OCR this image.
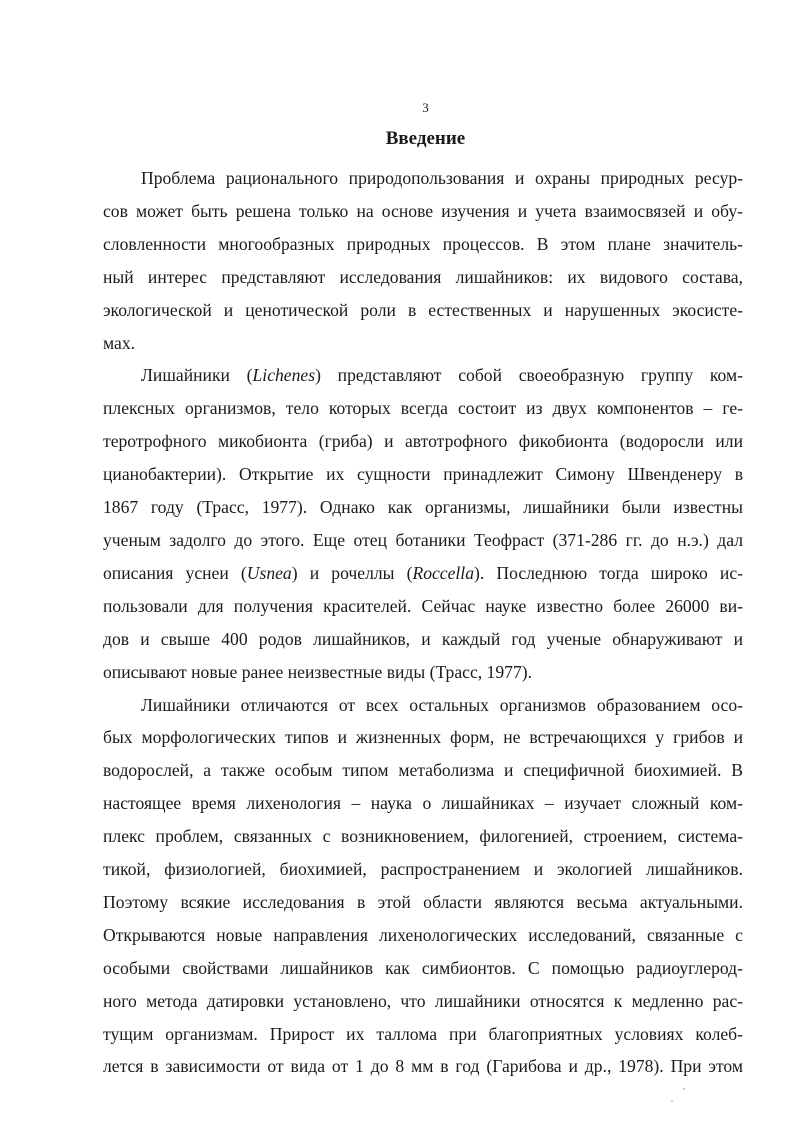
3
Введение

Проблема рационального природопользования и охраны природных ресур-
сов может быть решена только на основе изучения и учета взаимосвязей и обу-
словленности многообразных природных процессов. В этом плане значитель-
ный интерес представляют исследования лишайников: их видового состава,
экологической и ценотической роли в естественных и нарушенных экосисте-
мах.

Лишайники (Lichenes) представляют собой своеобразную группу ком-
плексных организмов, тело которых всегда состоит из двух компонентов – ге-
теротрофного микобионта (гриба) и автотрофного фикобионта (водоросли или
цианобактерии). Открытие их сущности принадлежит Симону Швенденеру в
1867 году (Трасс, 1977). Однако как организмы, лишайники были известны
ученым задолго до этого. Еще отец ботаники Теофраст (371-286 гг. до н.э.) дал
описания уснеи (Usnea) и рочеллы (Roccella). Последнюю тогда широко ис-
пользовали для получения красителей. Сейчас науке известно более 26000 ви-
дов и свыше 400 родов лишайников, и каждый год ученые обнаруживают и
описывают новые ранее неизвестные виды (Трасс, 1977).

Лишайники отличаются от всех остальных организмов образованием осо-
бых морфологических типов и жизненных форм, не встречающихся у грибов и
водорослей, а также особым типом метаболизма и специфичной биохимией. В
настоящее время лихенология – наука о лишайниках – изучает сложный ком-
плекс проблем, связанных с возникновением, филогенией, строением, система-
тикой, физиологией, биохимией, распространением и экологией лишайников.
Поэтому всякие исследования в этой области являются весьма актуальными.
Открываются новые направления лихенологических исследований, связанные с
особыми свойствами лишайников как симбионтов. С помощью радиоуглерод-
ного метода датировки установлено, что лишайники относятся к медленно рас-
тущим организмам. Прирост их таллома при благоприятных условиях колеб-
лется в зависимости от вида от 1 до 8 мм в год (Гарибова и др., 1978). При этом
